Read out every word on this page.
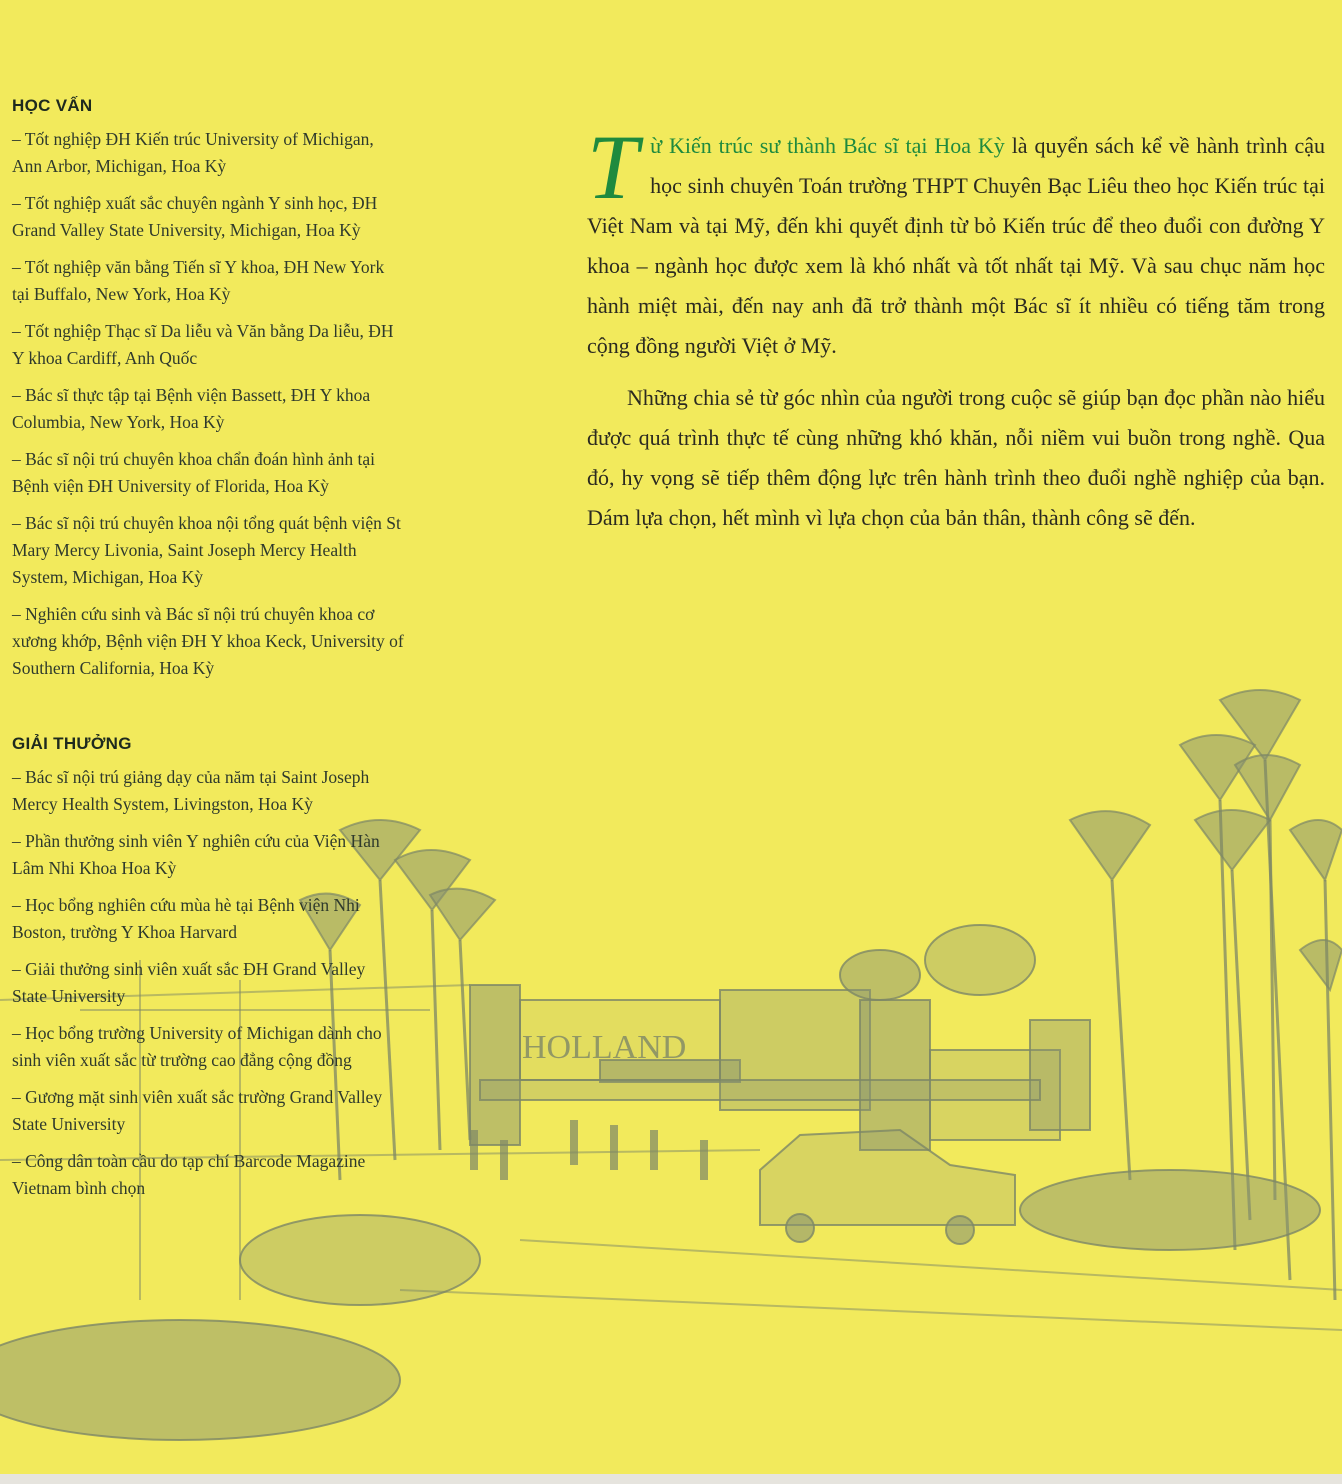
HOLLAND
HỌC VẤN
– Tốt nghiệp ĐH Kiến trúc University of Michigan, Ann Arbor, Michigan, Hoa Kỳ
– Tốt nghiệp xuất sắc chuyên ngành Y sinh học, ĐH Grand Valley State University, Michigan, Hoa Kỳ
– Tốt nghiệp văn bằng Tiến sĩ Y khoa, ĐH New York tại Buffalo, New York, Hoa Kỳ
– Tốt nghiệp Thạc sĩ Da liễu và Văn bằng Da liễu, ĐH Y khoa Cardiff, Anh Quốc
– Bác sĩ thực tập tại Bệnh viện Bassett, ĐH Y khoa Columbia, New York, Hoa Kỳ
– Bác sĩ nội trú chuyên khoa chẩn đoán hình ảnh tại Bệnh viện ĐH University of Florida, Hoa Kỳ
– Bác sĩ nội trú chuyên khoa nội tổng quát bệnh viện St Mary Mercy Livonia, Saint Joseph Mercy Health System, Michigan, Hoa Kỳ
– Nghiên cứu sinh và Bác sĩ nội trú chuyên khoa cơ xương khớp, Bệnh viện ĐH Y khoa Keck, University of Southern California, Hoa Kỳ
GIẢI THƯỞNG
– Bác sĩ nội trú giảng dạy của năm tại Saint Joseph Mercy Health System, Livingston, Hoa Kỳ
– Phần thưởng sinh viên Y nghiên cứu của Viện Hàn Lâm Nhi Khoa Hoa Kỳ
– Học bổng nghiên cứu mùa hè tại Bệnh viện Nhi Boston, trường Y Khoa Harvard
– Giải thưởng sinh viên xuất sắc ĐH Grand Valley State University
– Học bổng trường University of Michigan dành cho sinh viên xuất sắc từ trường cao đẳng cộng đồng
– Gương mặt sinh viên xuất sắc trường Grand Valley State University
– Công dân toàn cầu do tạp chí Barcode Magazine Vietnam bình chọn

Từ Kiến trúc sư thành Bác sĩ tại Hoa Kỳ là quyển sách kể về hành trình cậu học sinh chuyên Toán trường THPT Chuyên Bạc Liêu theo học Kiến trúc tại Việt Nam và tại Mỹ, đến khi quyết định từ bỏ Kiến trúc để theo đuổi con đường Y khoa – ngành học được xem là khó nhất và tốt nhất tại Mỹ. Và sau chục năm học hành miệt mài, đến nay anh đã trở thành một Bác sĩ ít nhiều có tiếng tăm trong cộng đồng người Việt ở Mỹ.

Những chia sẻ từ góc nhìn của người trong cuộc sẽ giúp bạn đọc phần nào hiểu được quá trình thực tế cùng những khó khăn, nỗi niềm vui buồn trong nghề. Qua đó, hy vọng sẽ tiếp thêm động lực trên hành trình theo đuổi nghề nghiệp của bạn. Dám lựa chọn, hết mình vì lựa chọn của bản thân, thành công sẽ đến.
